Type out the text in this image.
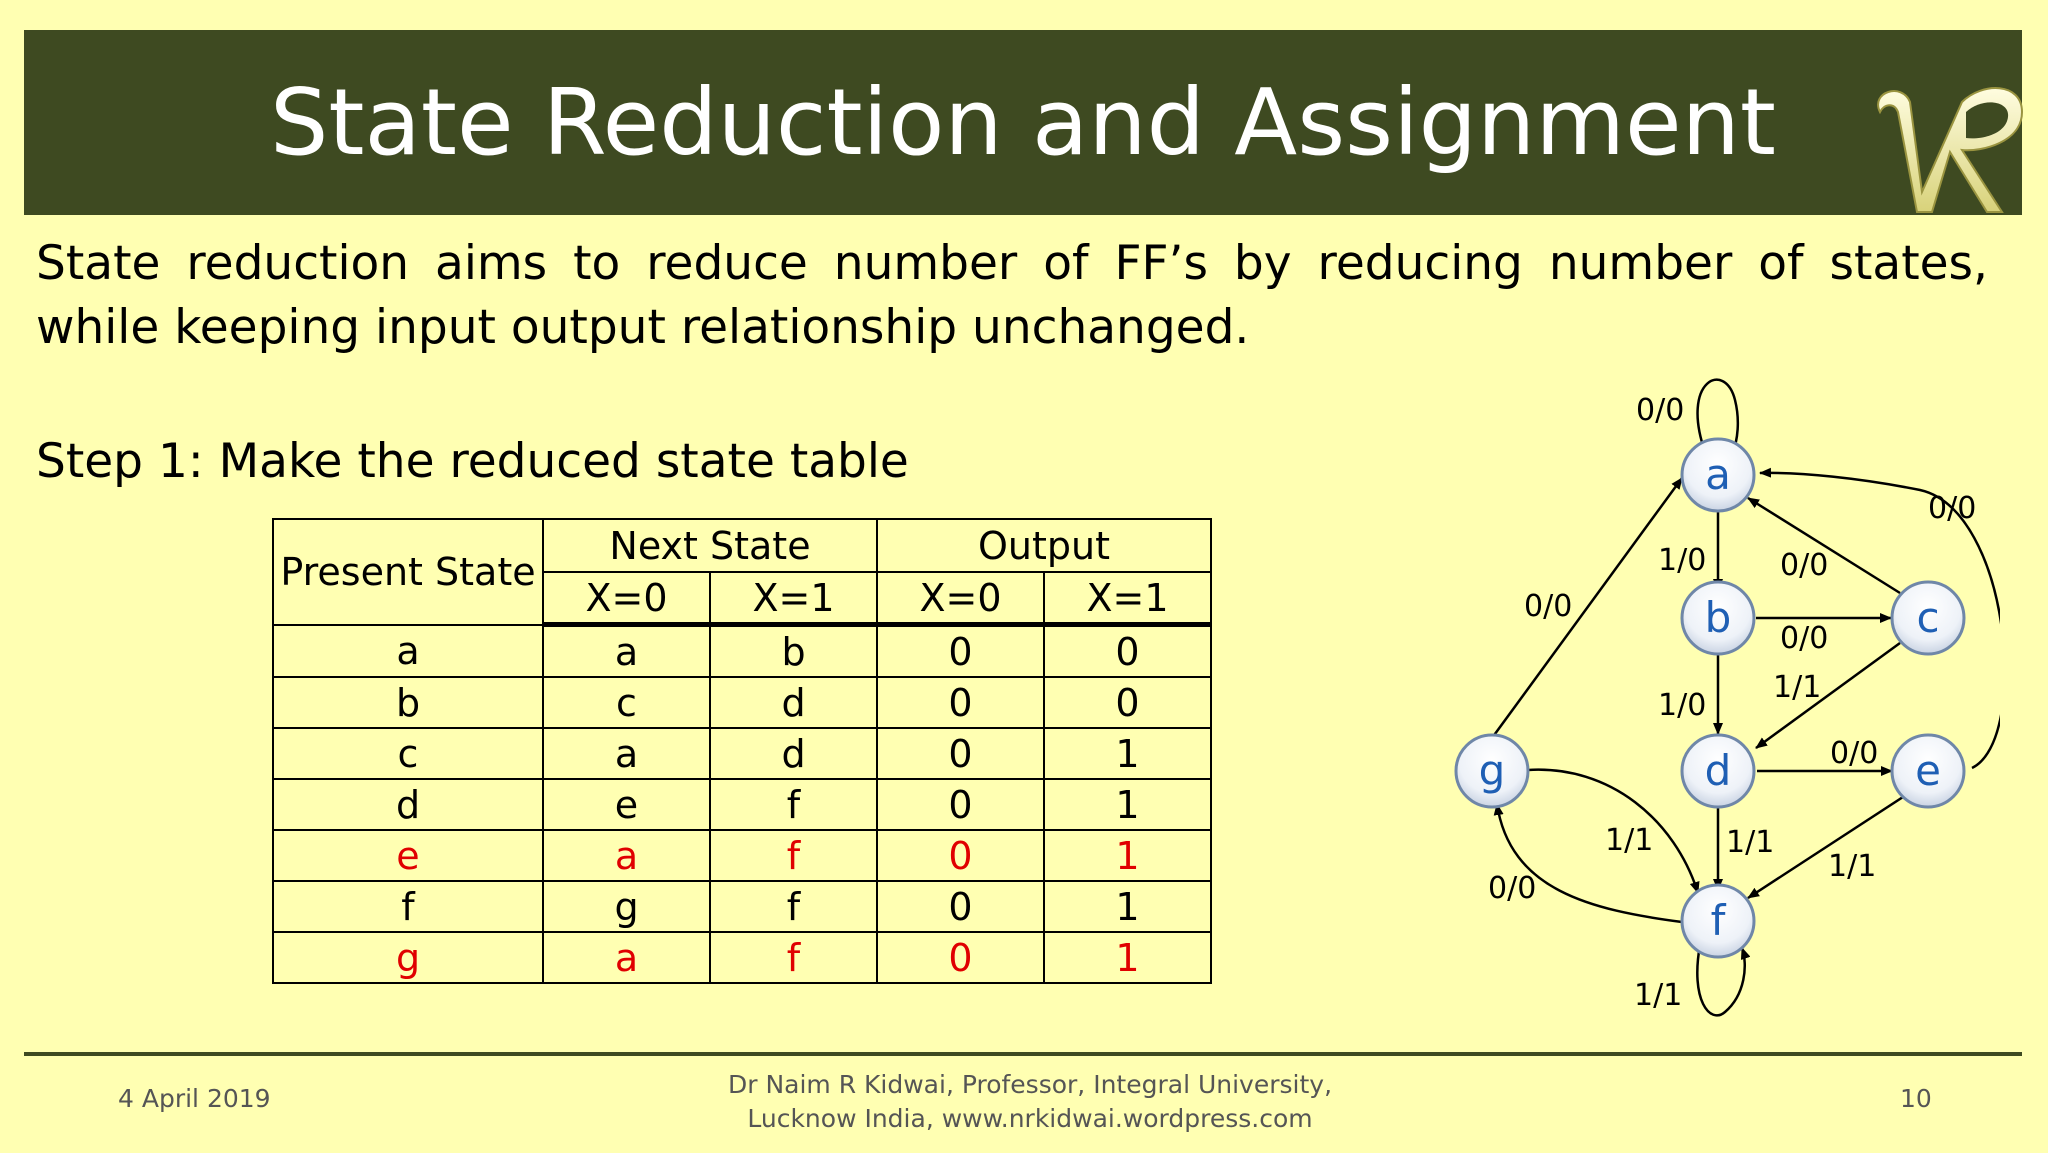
State Reduction and Assignment
State reduction aims to reduce number of FF’s by reducing number of states, while keeping input output relationship unchanged.
Step 1: Make the reduced state table
Present State	Next State		Output	
	X=0	X=1	X=0	X=1
a	a	b	0	0
b	c	d	0	0
c	a	d	0	1
d	e	f	0	1
e	a	f	0	1
f	g	f	0	1
g	a	f	0	1
a
b	c
d	e
f
g
0/0
1/0 0/0
0/0
0/0
0/0
1/0
1/1
0/0
1/1
1/1
1/1
0/0
1/1
4 April 2019	Dr Naim R Kidwai, Professor, Integral University,
Lucknow India, www.nrkidwai.wordpress.com
10
